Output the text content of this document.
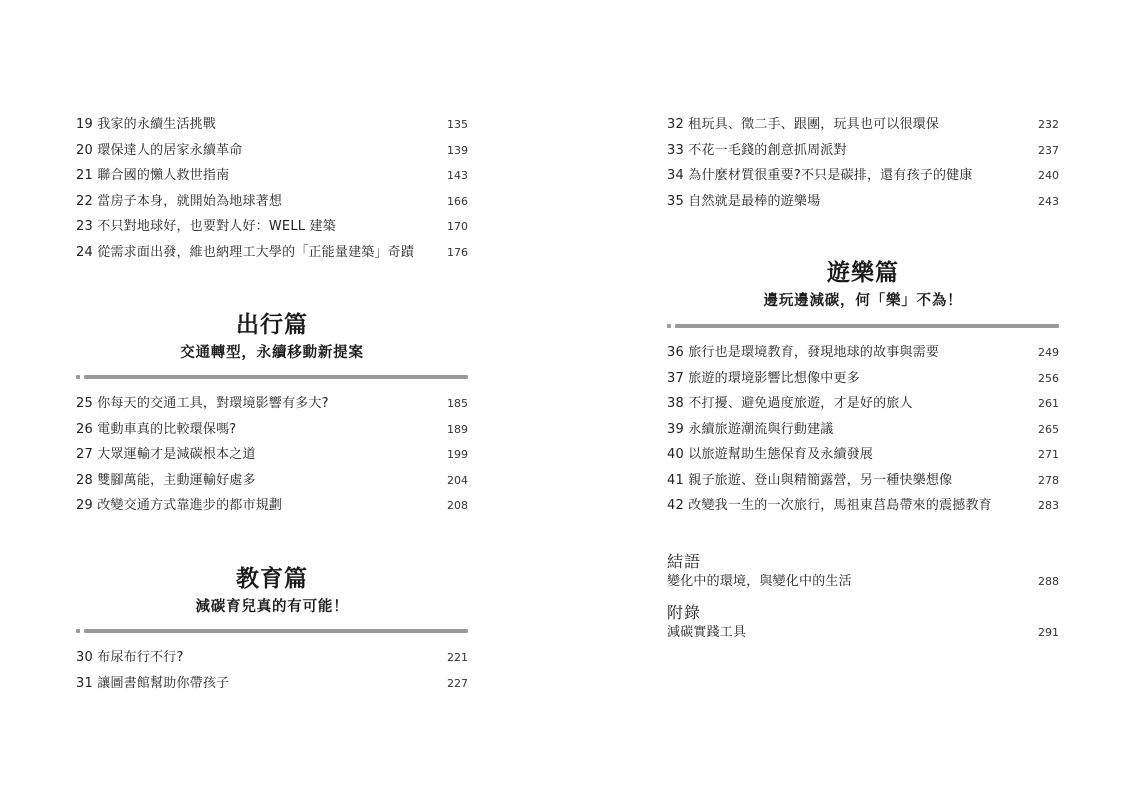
19 我家的永續生活挑戰	135
20 環保達人的居家永續革命	139
21 聯合國的懶人救世指南	143
22 當房子本身，就開始為地球著想	166
23 不只對地球好，也要對人好：WELL 建築	170
24 從需求面出發，維也納理工大學的「正能量建築」奇蹟	176
出行篇
交通轉型，永續移動新提案
25 你每天的交通工具，對環境影響有多大?	185
26 電動車真的比較環保嗎?	189
27 大眾運輸才是減碳根本之道	199
28 雙腳萬能，主動運輸好處多	204
29 改變交通方式靠進步的都市規劃	208
教育篇
減碳育兒真的有可能！
30 布尿布行不行?	221
31 讓圖書館幫助你帶孩子	227
32 租玩具、徵二手、跟團，玩具也可以很環保	232
33 不花一毛錢的創意抓周派對	237
34 為什麼材質很重要?不只是碳排，還有孩子的健康	240
35 自然就是最棒的遊樂場	243
遊樂篇
邊玩邊減碳，何「樂」不為！
36 旅行也是環境教育，發現地球的故事與需要	249
37 旅遊的環境影響比想像中更多	256
38 不打擾、避免過度旅遊，才是好的旅人	261
39 永續旅遊潮流與行動建議	265
40 以旅遊幫助生態保育及永續發展	271
41 親子旅遊、登山與精簡露營，另一種快樂想像	278
42 改變我一生的一次旅行，馬祖東莒島帶來的震撼教育	283
結語
變化中的環境，與變化中的生活	288
附錄
減碳實踐工具	291
